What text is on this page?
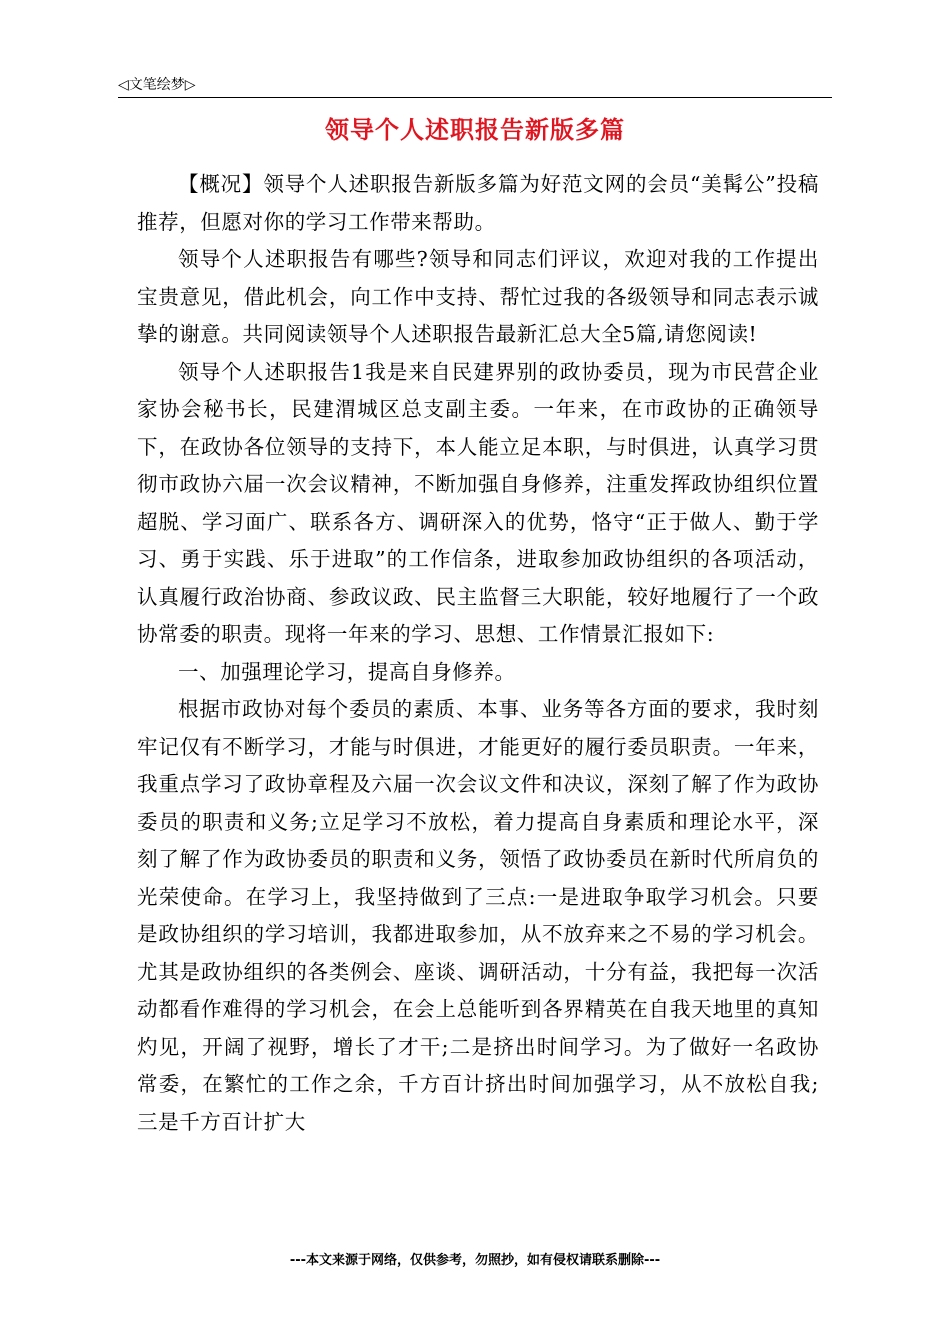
◁文笔绘梦▷
领导个人述职报告新版多篇

【概况】领导个人述职报告新版多篇为好范文网的会员“美髯公”投稿推荐，但愿对你的学习工作带来帮助。

领导个人述职报告有哪些?领导和同志们评议，欢迎对我的工作提出宝贵意见，借此机会，向工作中支持、帮忙过我的各级领导和同志表示诚挚的谢意。共同阅读领导个人述职报告最新汇总大全5篇,请您阅读!

领导个人述职报告1我是来自民建界别的政协委员，现为市民营企业家协会秘书长，民建渭城区总支副主委。一年来，在市政协的正确领导下，在政协各位领导的支持下，本人能立足本职，与时俱进，认真学习贯彻市政协六届一次会议精神，不断加强自身修养，注重发挥政协组织位置超脱、学习面广、联系各方、调研深入的优势，恪守“正于做人、勤于学习、勇于实践、乐于进取”的工作信条，进取参加政协组织的各项活动，认真履行政治协商、参政议政、民主监督三大职能，较好地履行了一个政协常委的职责。现将一年来的学习、思想、工作情景汇报如下:

一、加强理论学习，提高自身修养。

根据市政协对每个委员的素质、本事、业务等各方面的要求，我时刻牢记仅有不断学习，才能与时俱进，才能更好的履行委员职责。一年来，我重点学习了政协章程及六届一次会议文件和决议，深刻了解了作为政协委员的职责和义务;立足学习不放松，着力提高自身素质和理论水平，深刻了解了作为政协委员的职责和义务，领悟了政协委员在新时代所肩负的光荣使命。在学习上，我坚持做到了三点:一是进取争取学习机会。只要是政协组织的学习培训，我都进取参加，从不放弃来之不易的学习机会。尤其是政协组织的各类例会、座谈、调研活动，十分有益，我把每一次活动都看作难得的学习机会，在会上总能听到各界精英在自我天地里的真知灼见，开阔了视野，增长了才干;二是挤出时间学习。为了做好一名政协常委，在繁忙的工作之余，千方百计挤出时间加强学习，从不放松自我;三是千方百计扩大

---本文来源于网络，仅供参考，勿照抄，如有侵权请联系删除---
